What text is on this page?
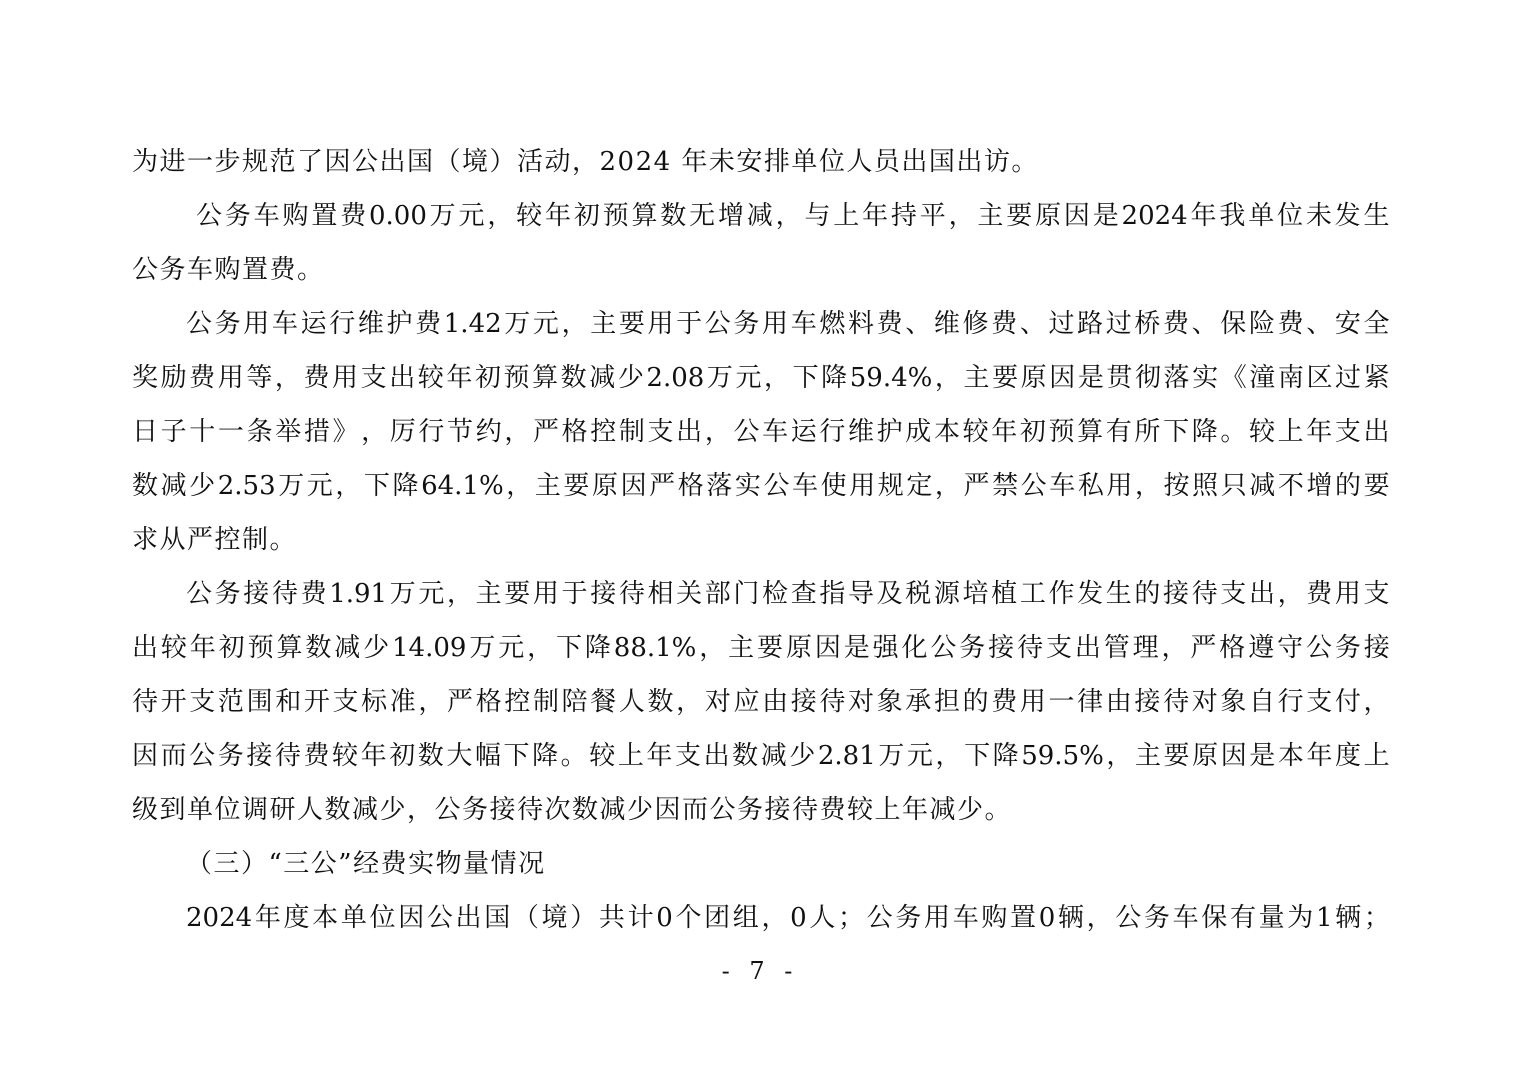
为进一步规范了因公出国（境）活动，2024 年未安排单位人员出国出访。
公 务 车 购 置 费 0.00 万 元 ， 较 年 初 预 算 数 无 增 减 ， 与 上 年 持 平 ， 主 要 原 因 是 2024 年 我 单 位 未 发 生
公务车购置费。
公 务 用 车 运 行 维 护 费 1.42 万 元 ， 主 要 用 于 公 务 用 车 燃 料 费 、 维 修 费 、 过 路 过 桥 费 、 保 险 费 、 安 全
奖 励 费 用 等 ， 费 用 支 出 较 年 初 预 算 数 减 少 2.08 万 元 ， 下 降 59.4% ， 主 要 原 因 是 贯 彻 落 实 《 潼 南 区 过 紧
日 子 十 一 条 举 措 》 ， 厉 行 节 约 ， 严 格 控 制 支 出 ， 公 车 运 行 维 护 成 本 较 年 初 预 算 有 所 下 降 。 较 上 年 支 出
数 减 少 2.53 万 元 ， 下 降 64.1% ， 主 要 原 因 严 格 落 实 公 车 使 用 规 定 ， 严 禁 公 车 私 用 ， 按 照 只 减 不 增 的 要
求从严控制。
公 务 接 待 费 1.91 万 元 ， 主 要 用 于 接 待 相 关 部 门 检 查 指 导 及 税 源 培 植 工 作 发 生 的 接 待 支 出 ， 费 用 支
出 较 年 初 预 算 数 减 少 14.09 万 元 ， 下 降 88.1% ， 主 要 原 因 是 强 化 公 务 接 待 支 出 管 理 ， 严 格 遵 守 公 务 接
待 开 支 范 围 和 开 支 标 准 ， 严 格 控 制 陪 餐 人 数 ， 对 应 由 接 待 对 象 承 担 的 费 用 一 律 由 接 待 对 象 自 行 支 付 ，
因 而 公 务 接 待 费 较 年 初 数 大 幅 下 降 。 较 上 年 支 出 数 减 少 2.81 万 元 ， 下 降 59.5% ， 主 要 原 因 是 本 年 度 上
级到单位调研人数减少，公务接待次数减少因而公务接待费较上年减少。
（三）“三公”经费实物量情况
2024 年 度 本 单 位 因 公 出 国 （ 境 ） 共 计 0 个 团 组 ， 0 人 ； 公 务 用 车 购 置 0 辆 ， 公 务 车 保 有 量 为 1 辆 ；
- 7 -
